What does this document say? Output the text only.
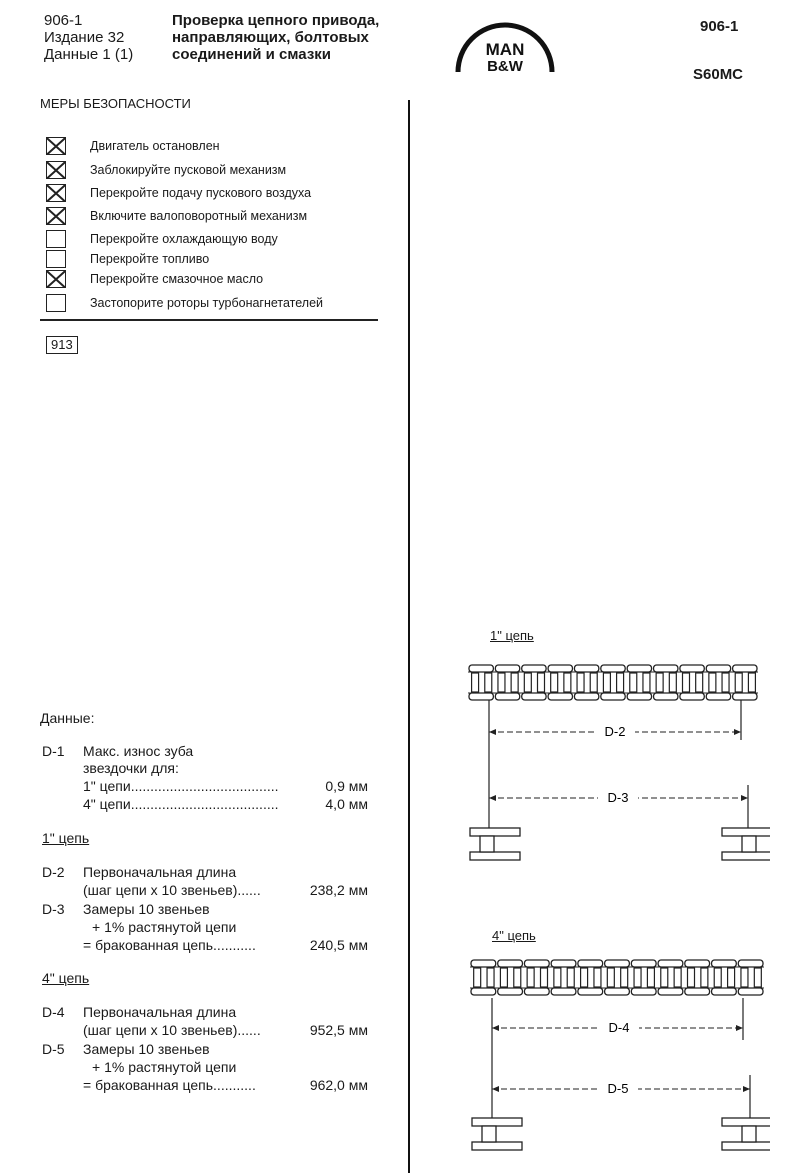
906-1
Издание 32
Данные 1 (1)
Проверка цепного привода,
направляющих, болтовых
соединений и смазки	MAN
B&W
906-1
S60MC
МЕРЫ БЕЗОПАСНОСТИ
Двигатель остановлен
Заблокируйте пусковой механизм
Перекройте подачу пускового воздуха
Включите валоповоротный механизм
Перекройте охлаждающую воду
Перекройте топливо
Перекройте смазочное масло
Застопорите роторы турбонагнетателей
913
Данные:
D-1 Макс. износ зуба
звездочки для:
1" цепи ......................................	0,9 мм
4" цепи ......................................	4,0 мм
1" цепь
D-2 Первоначальная длина
(шаг цепи x 10 звеньев) ......	238,2 мм
D-3 Замеры 10 звеньев
+ 1% растянутой цепи
= бракованная цепь ...........	240,5 мм
4" цепь
D-4 Первоначальная длина
(шаг цепи x 10 звеньев) ......	952,5 мм
D-5 Замеры 10 звеньев
+ 1% растянутой цепи
= бракованная цепь ...........	962,0 мм
1" цепь
D-2
D-3
4" цепь
D-4
D-5
